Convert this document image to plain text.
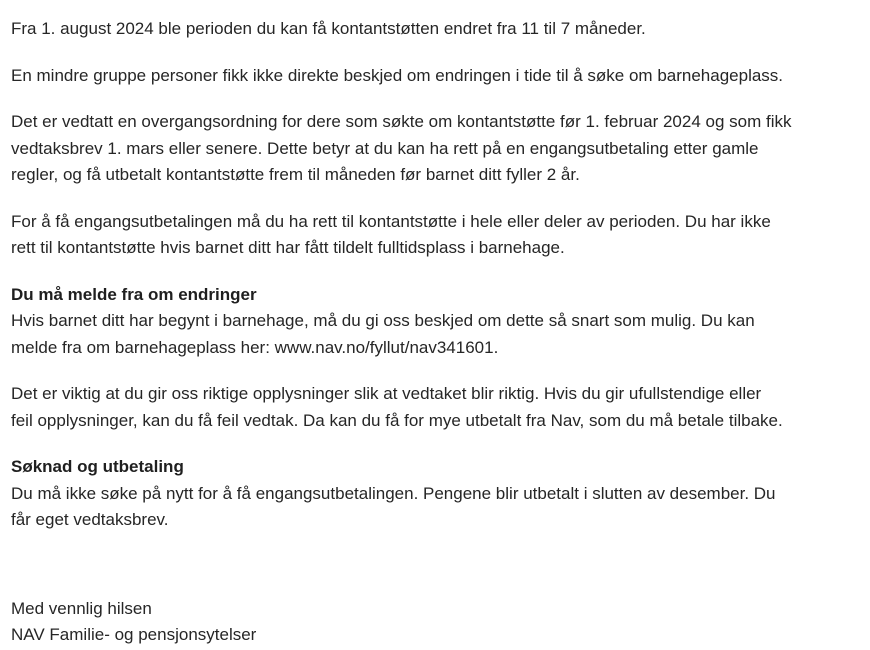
Fra 1. august 2024 ble perioden du kan få kontantstøtten endret fra 11 til 7 måneder.

En mindre gruppe personer fikk ikke direkte beskjed om endringen i tide til å søke om barnehageplass.

Det er vedtatt en overgangsordning for dere som søkte om kontantstøtte før 1. februar 2024 og som fikk
vedtaksbrev 1. mars eller senere. Dette betyr at du kan ha rett på en engangsutbetaling etter gamle
regler, og få utbetalt kontantstøtte frem til måneden før barnet ditt fyller 2 år.

For å få engangsutbetalingen må du ha rett til kontantstøtte i hele eller deler av perioden. Du har ikke
rett til kontantstøtte hvis barnet ditt har fått tildelt fulltidsplass i barnehage.

Du må melde fra om endringer

Hvis barnet ditt har begynt i barnehage, må du gi oss beskjed om dette så snart som mulig. Du kan
melde fra om barnehageplass her: www.nav.no/fyllut/nav341601.

Det er viktig at du gir oss riktige opplysninger slik at vedtaket blir riktig. Hvis du gir ufullstendige eller
feil opplysninger, kan du få feil vedtak. Da kan du få for mye utbetalt fra Nav, som du må betale tilbake.

Søknad og utbetaling

Du må ikke søke på nytt for å få engangsutbetalingen. Pengene blir utbetalt i slutten av desember. Du
får eget vedtaksbrev.

Med vennlig hilsen

NAV Familie- og pensjonsytelser
